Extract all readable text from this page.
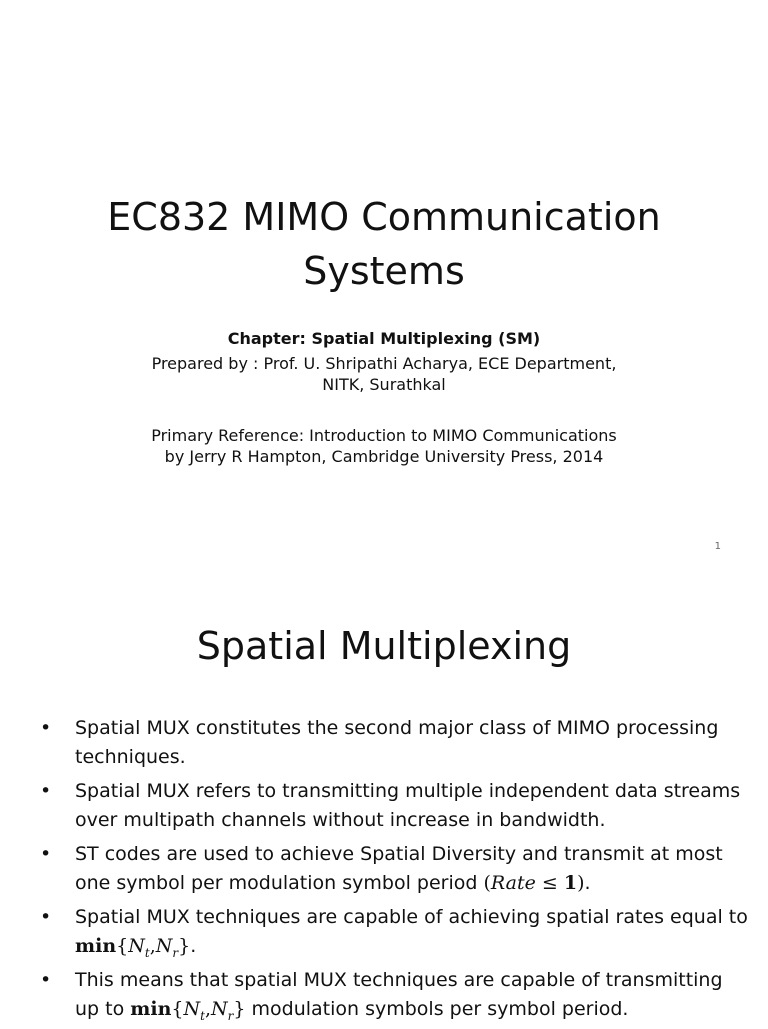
EC832 MIMO Communication Systems
Chapter: Spatial Multiplexing (SM)
Prepared by : Prof. U. Shripathi Acharya, ECE Department,
NITK, Surathkal
Primary Reference: Introduction to MIMO Communications
by Jerry R Hampton, Cambridge University Press, 2014
1
Spatial Multiplexing
•	Spatial MUX constitutes the second major class of MIMO processing techniques.
•	Spatial MUX refers to transmitting multiple independent data streams over multipath channels without increase in bandwidth.
•	ST codes are used to achieve Spatial Diversity and transmit at most one symbol per modulation symbol period (Rate ≤ 1).
•	Spatial MUX techniques are capable of achieving spatial rates equal to $\min\{N_t,N_r\}$.
•	This means that spatial MUX techniques are capable of transmitting up to $\min\{N_t,N_r\}$ modulation symbols per symbol period.
